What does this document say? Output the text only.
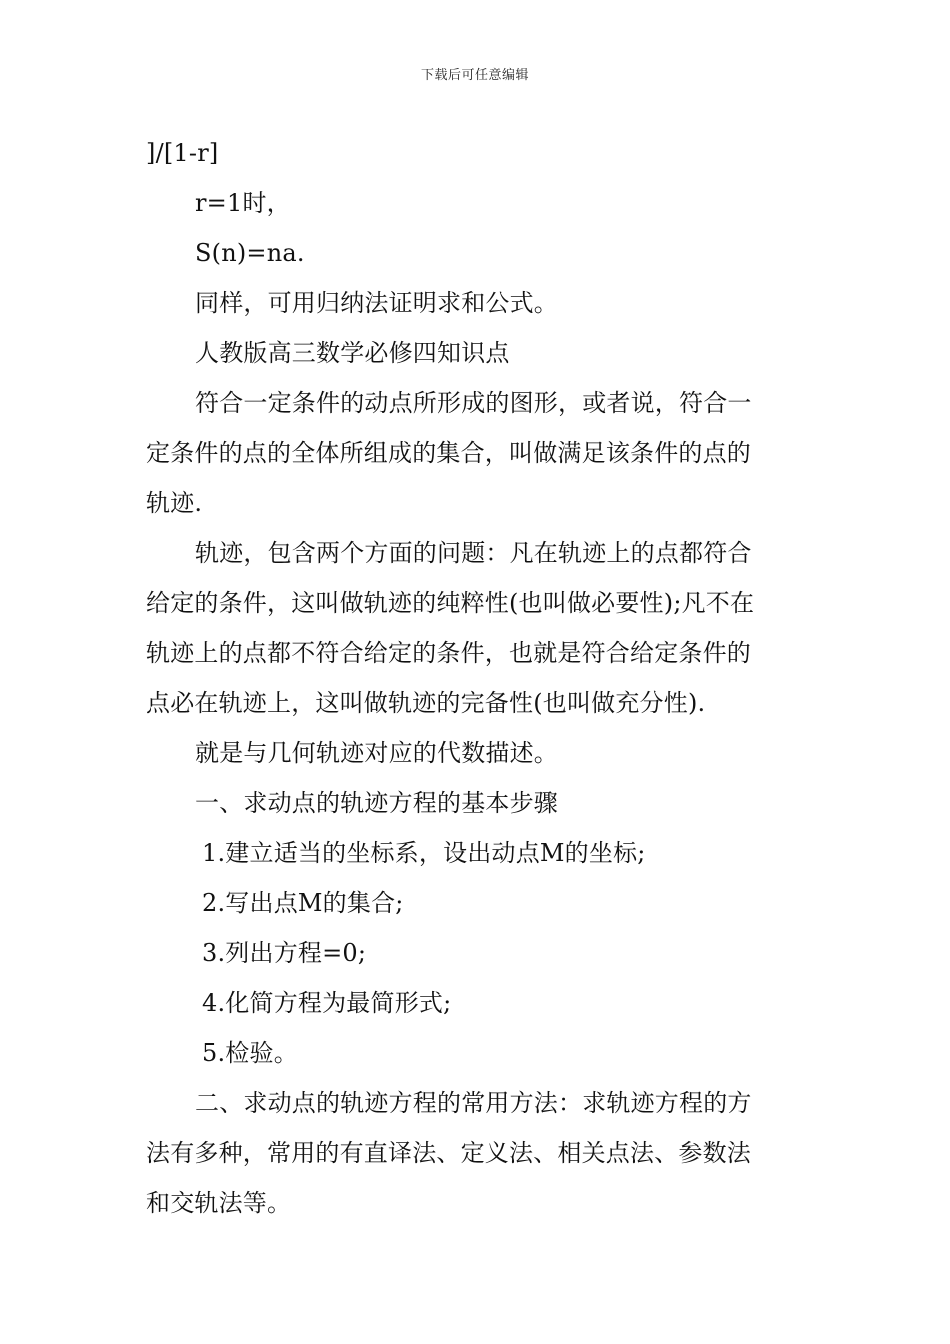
下载后可任意编辑
]/[1-r]
r=1时，
S(n)=na.
同样，可用归纳法证明求和公式。
人教版高三数学必修四知识点
符合一定条件的动点所形成的图形，或者说，符合一
定条件的点的全体所组成的集合，叫做满足该条件的点的
轨迹.
轨迹，包含两个方面的问题：凡在轨迹上的点都符合
给定的条件，这叫做轨迹的纯粹性(也叫做必要性);凡不在
轨迹上的点都不符合给定的条件，也就是符合给定条件的
点必在轨迹上，这叫做轨迹的完备性(也叫做充分性).
就是与几何轨迹对应的代数描述。
一、求动点的轨迹方程的基本步骤
1.建立适当的坐标系，设出动点M的坐标;
2.写出点M的集合;
3.列出方程=0;
4.化简方程为最简形式;
5.检验。
二、求动点的轨迹方程的常用方法：求轨迹方程的方
法有多种，常用的有直译法、定义法、相关点法、参数法
和交轨法等。
